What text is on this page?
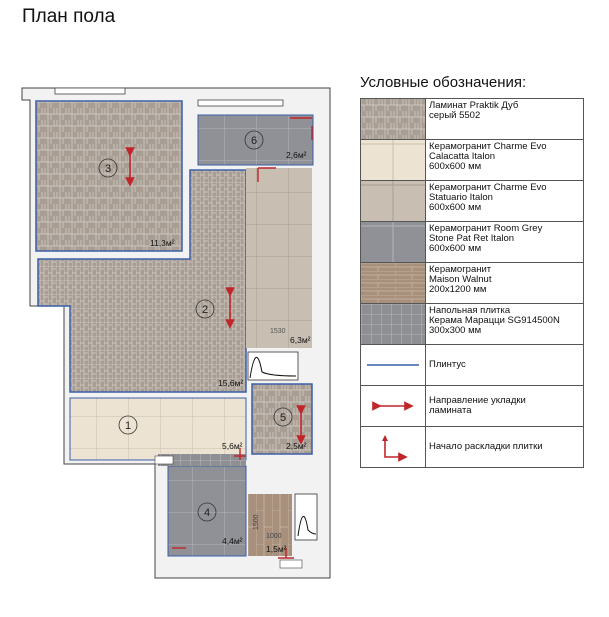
План пола
3
2
1
4
5
6
11,3м²
15,6м²
5,6м²
4,4м²
2,5м²
2,6м²
6,3м²
1530
1,5м²
1500
1000
Условные обозначения:
Ламинат Praktik Дуб
серый 5502
Керамогранит Charme Evo
Calacatta Italon
600x600 мм
Керамогранит Charme Evo
Statuario Italon
600x600 мм
Керамогранит Room Grey
Stone Pat Ret Italon
600x600 мм
Керамогранит
Maison Walnut
200x1200 мм
Напольная плитка
Керама Марацци SG914500N
300x300 мм
Плинтус
Направление укладки
ламината
Начало раскладки плитки
